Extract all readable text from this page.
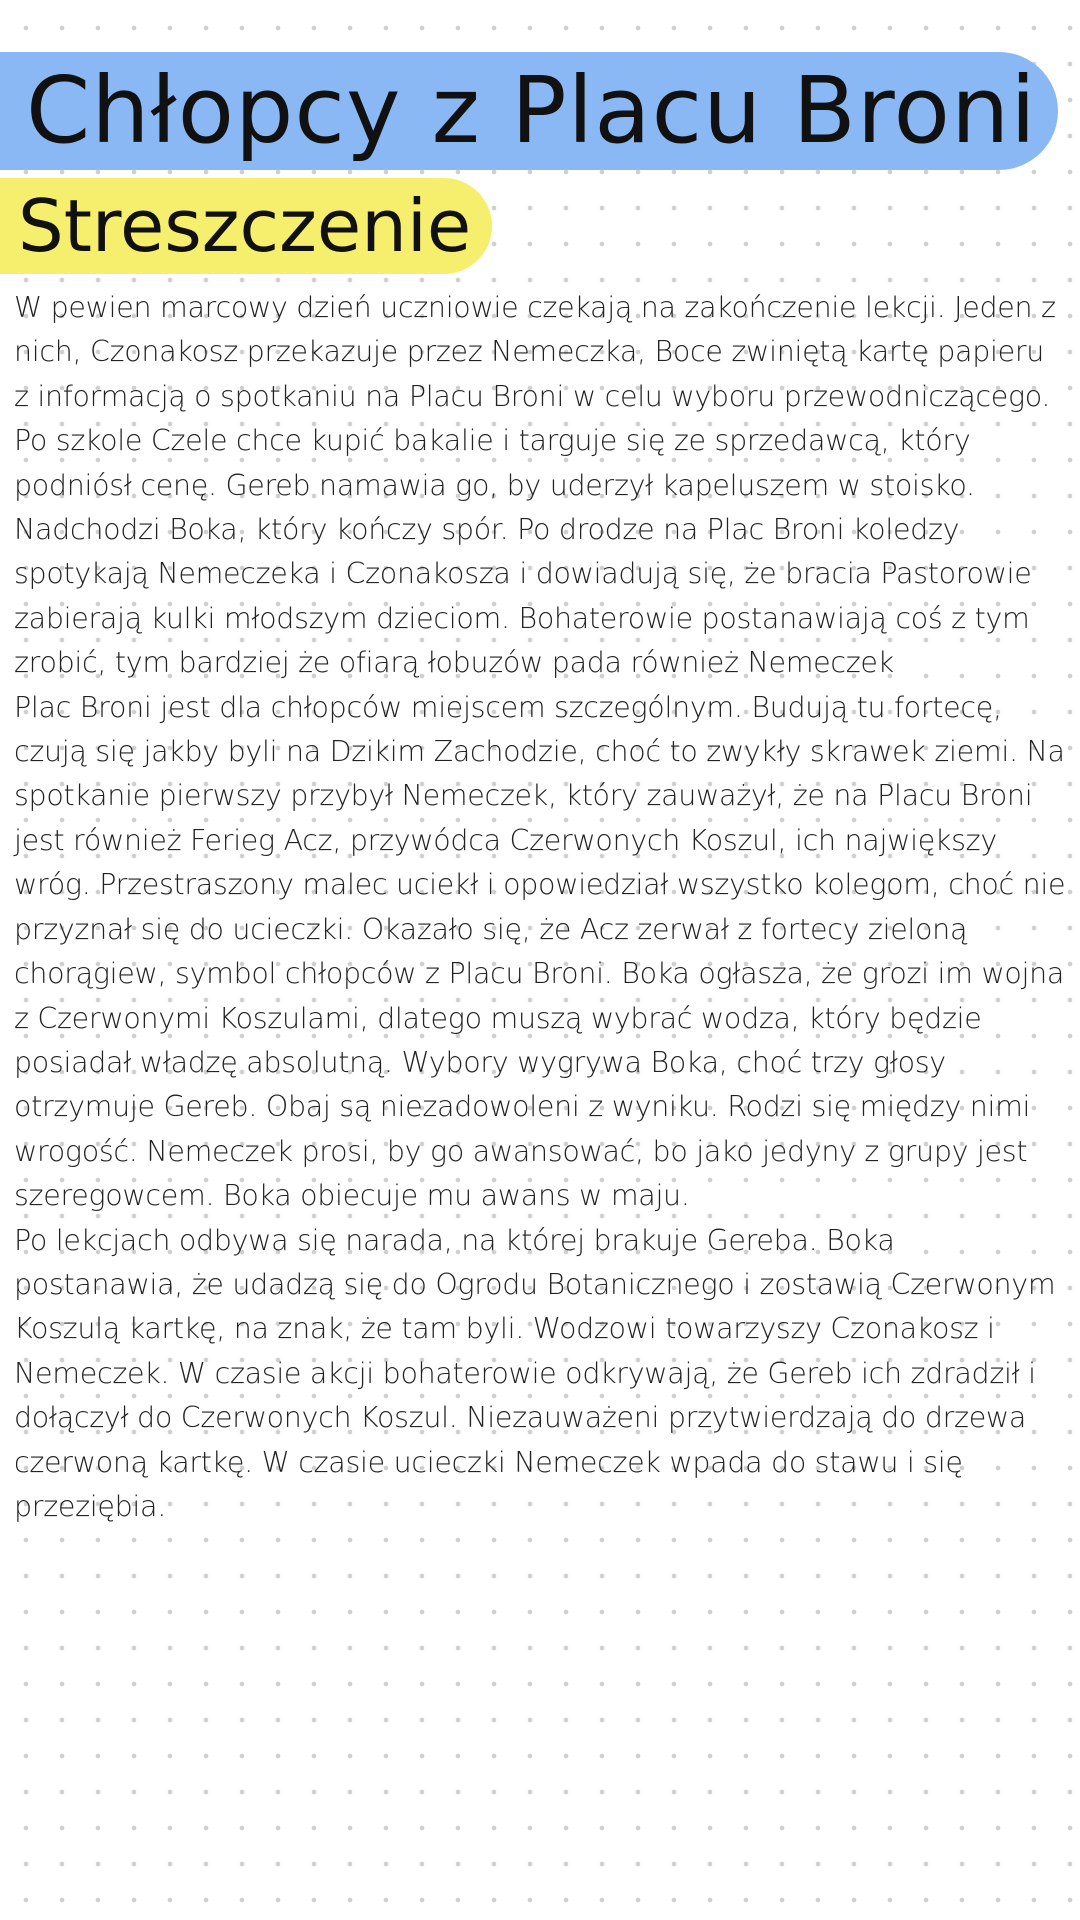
Chłopcy z Placu Broni
Streszczenie

W pewien marcowy dzień uczniowie czekają na zakończenie lekcji. Jeden z nich, Czonakosz przekazuje przez Nemeczka, Boce zwiniętą kartę papieru z informacją o spotkaniu na Placu Broni w celu wyboru przewodniczącego. Po szkole Czele chce kupić bakalie i targuje się ze sprzedawcą, który podniósł cenę. Gereb namawia go, by uderzył kapeluszem w stoisko. Nadchodzi Boka, który kończy spór. Po drodze na Plac Broni koledzy spotykają Nemeczeka i Czonakosza i dowiadują się, że bracia Pastorowie zabierają kulki młodszym dzieciom. Bohaterowie postanawiają coś z tym zrobić, tym bardziej że ofiarą łobuzów pada również Nemeczek

Plac Broni jest dla chłopców miejscem szczególnym. Budują tu fortecę, czują się jakby byli na Dzikim Zachodzie, choć to zwykły skrawek ziemi. Na spotkanie pierwszy przybył Nemeczek, który zauważył, że na Placu Broni jest również Ferieg Acz, przywódca Czerwonych Koszul, ich największy wróg. Przestraszony malec uciekł i opowiedział wszystko kolegom, choć nie przyznał się do ucieczki. Okazało się, że Acz zerwał z fortecy zieloną chorągiew, symbol chłopców z Placu Broni. Boka ogłasza, że grozi im wojna z Czerwonymi Koszulami, dlatego muszą wybrać wodza, który będzie posiadał władzę absolutną. Wybory wygrywa Boka, choć trzy głosy otrzymuje Gereb. Obaj są niezadowoleni z wyniku. Rodzi się między nimi wrogość. Nemeczek prosi, by go awansować, bo jako jedyny z grupy jest szeregowcem. Boka obiecuje mu awans w maju.

Po lekcjach odbywa się narada, na której brakuje Gereba. Boka postanawia, że udadzą się do Ogrodu Botanicznego i zostawią Czerwonym Koszulą kartkę, na znak, że tam byli. Wodzowi towarzyszy Czonakosz i Nemeczek. W czasie akcji bohaterowie odkrywają, że Gereb ich zdradził i dołączył do Czerwonych Koszul. Niezauważeni przytwierdzają do drzewa czerwoną kartkę. W czasie ucieczki Nemeczek wpada do stawu i się przeziębia.
